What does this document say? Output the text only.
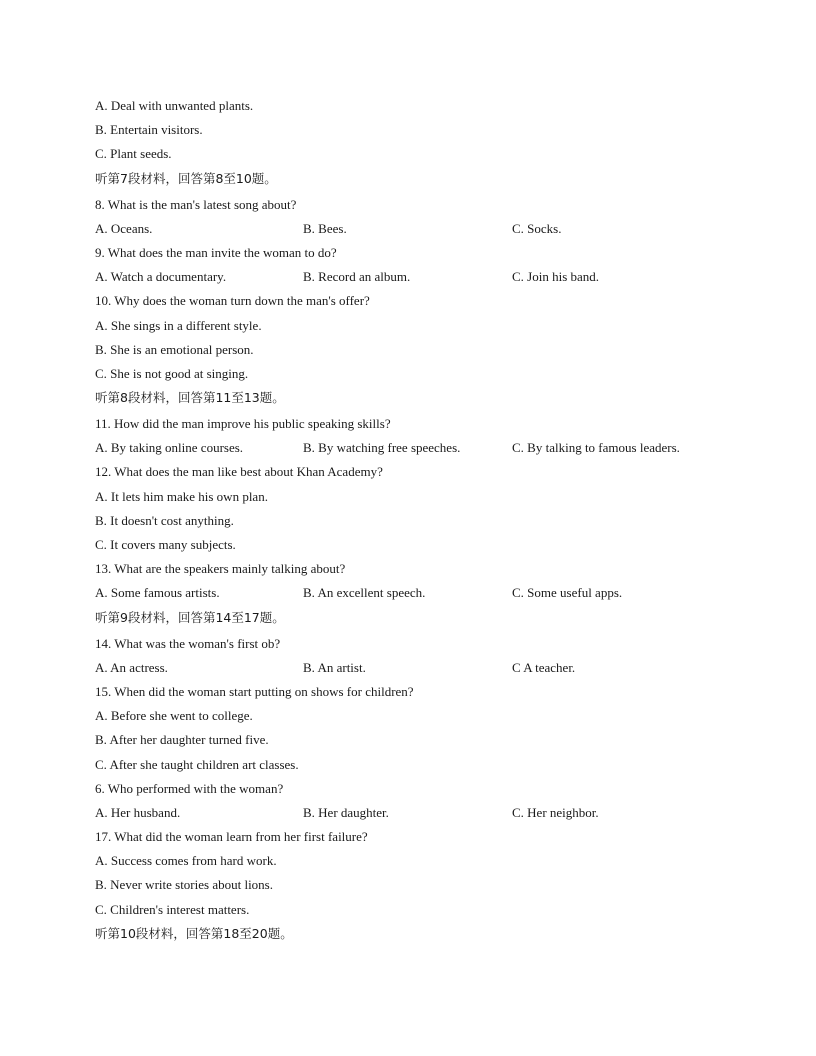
A. Deal with unwanted plants.
B. Entertain visitors.
C. Plant seeds.
听第7段材料，回答第8至10题。
8. What is the man's latest song about?
A. Oceans.	B. Bees.	C. Socks.
9. What does the man invite the woman to do?
A. Watch a documentary.	B. Record an album.	C. Join his band.
10. Why does the woman turn down the man's offer?
A. She sings in a different style.
B. She is an emotional person.
C. She is not good at singing.
听第8段材料，回答第11至13题。
11. How did the man improve his public speaking skills?
A. By taking online courses.	B. By watching free speeches.	C. By talking to famous leaders.
12. What does the man like best about Khan Academy?
A. It lets him make his own plan.
B. It doesn't cost anything.
C. It covers many subjects.
13. What are the speakers mainly talking about?
A. Some famous artists.	B. An excellent speech.	C. Some useful apps.
听第9段材料，回答第14至17题。
14. What was the woman's first ob?
A. An actress.	B. An artist.	C A teacher.
15. When did the woman start putting on shows for children?
A. Before she went to college.
B. After her daughter turned five.
C. After she taught children art classes.
6. Who performed with the woman?
A. Her husband.	B. Her daughter.	C. Her neighbor.
17. What did the woman learn from her first failure?
A. Success comes from hard work.
B. Never write stories about lions.
C. Children's interest matters.
听第10段材料，回答第18至20题。
